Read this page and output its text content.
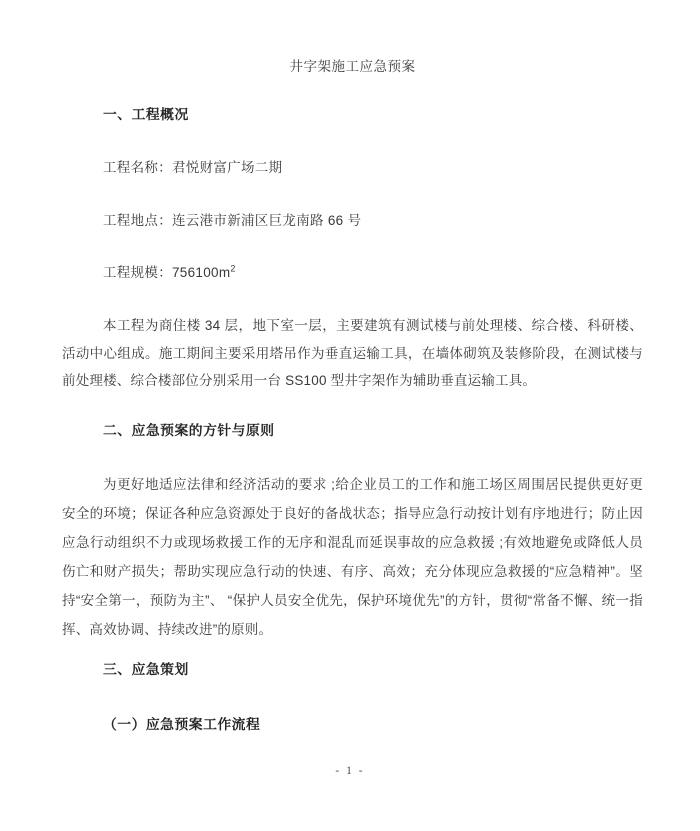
井字架施工应急预案
一、工程概况
工程名称：君悦财富广场二期
工程地点：连云港市新浦区巨龙南路 66 号
工程规模：$756100m^2$
本工程为商住楼 34 层，地下室一层，主要建筑有测试楼与前处理楼、综合楼、科研楼、活动中心组成。施工期间主要采用塔吊作为垂直运输工具，在墙体砌筑及装修阶段，在测试楼与前处理楼、综合楼部位分别采用一台 SS100 型井字架作为辅助垂直运输工具。
二、应急预案的方针与原则
为更好地适应法律和经济活动的要求 ;给企业员工的工作和施工场区周围居民提供更好更安全的环境；保证各种应急资源处于良好的备战状态；指导应急行动按计划有序地进行；防止因应急行动组织不力或现场救援工作的无序和混乱而延误事故的应急救援 ;有效地避免或降低人员伤亡和财产损失；帮助实现应急行动的快速、有序、高效；充分体现应急救援的“应急精神”。坚持“安全第一，预防为主”、 “保护人员安全优先，保护环境优先”的方针，贯彻“常备不懈、统一指挥、高效协调、持续改进”的原则。
三、应急策划
（一）应急预案工作流程
- 1 -
